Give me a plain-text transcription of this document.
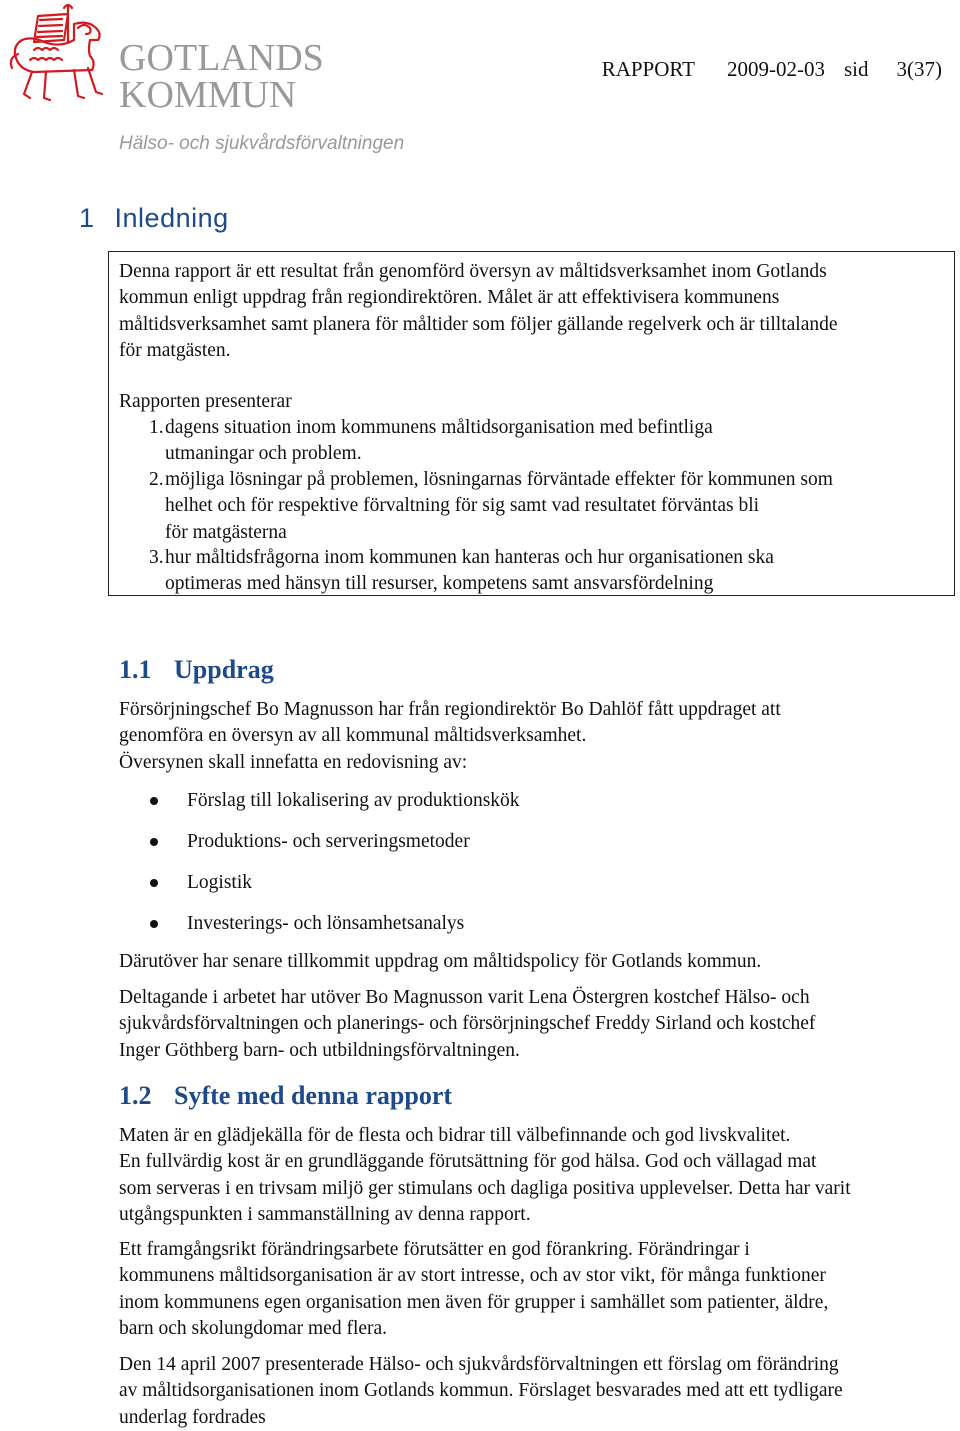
GOTLANDS
KOMMUN
Hälso- och sjukvårdsförvaltningen
RAPPORT 2009-02-03 sid 3(37)
1 Inledning
Denna rapport är ett resultat från genomförd översyn av måltidsverksamhet inom Gotlands
kommun enligt uppdrag från regiondirektören. Målet är att effektivisera kommunens
måltidsverksamhet samt planera för måltider som följer gällande regelverk och är tilltalande
för matgästen.
Rapporten presenterar
1. dagens situation inom kommunens måltidsorganisation med befintliga
utmaningar och problem.
2. möjliga lösningar på problemen, lösningarnas förväntade effekter för kommunen som
helhet och för respektive förvaltning för sig samt vad resultatet förväntas bli
för matgästerna
3. hur måltidsfrågorna inom kommunen kan hanteras och hur organisationen ska
optimeras med hänsyn till resurser, kompetens samt ansvarsfördelning
1.1 Uppdrag
Försörjningschef Bo Magnusson har från regiondirektör Bo Dahlöf fått uppdraget att
genomföra en översyn av all kommunal måltidsverksamhet.
Översynen skall innefatta en redovisning av:
Förslag till lokalisering av produktionskök
Produktions- och serveringsmetoder
Logistik
Investerings- och lönsamhetsanalys
Därutöver har senare tillkommit uppdrag om måltidspolicy för Gotlands kommun.
Deltagande i arbetet har utöver Bo Magnusson varit Lena Östergren kostchef Hälso- och
sjukvårdsförvaltningen och planerings- och försörjningschef Freddy Sirland och kostchef
Inger Göthberg barn- och utbildningsförvaltningen.
1.2 Syfte med denna rapport
Maten är en glädjekälla för de flesta och bidrar till välbefinnande och god livskvalitet.
En fullvärdig kost är en grundläggande förutsättning för god hälsa. God och vällagad mat
som serveras i en trivsam miljö ger stimulans och dagliga positiva upplevelser. Detta har varit
utgångspunkten i sammanställning av denna rapport.
Ett framgångsrikt förändringsarbete förutsätter en god förankring. Förändringar i
kommunens måltidsorganisation är av stort intresse, och av stor vikt, för många funktioner
inom kommunens egen organisation men även för grupper i samhället som patienter, äldre,
barn och skolungdomar med flera.
Den 14 april 2007 presenterade Hälso- och sjukvårdsförvaltningen ett förslag om förändring
av måltidsorganisationen inom Gotlands kommun. Förslaget besvarades med att ett tydligare
underlag fordrades
